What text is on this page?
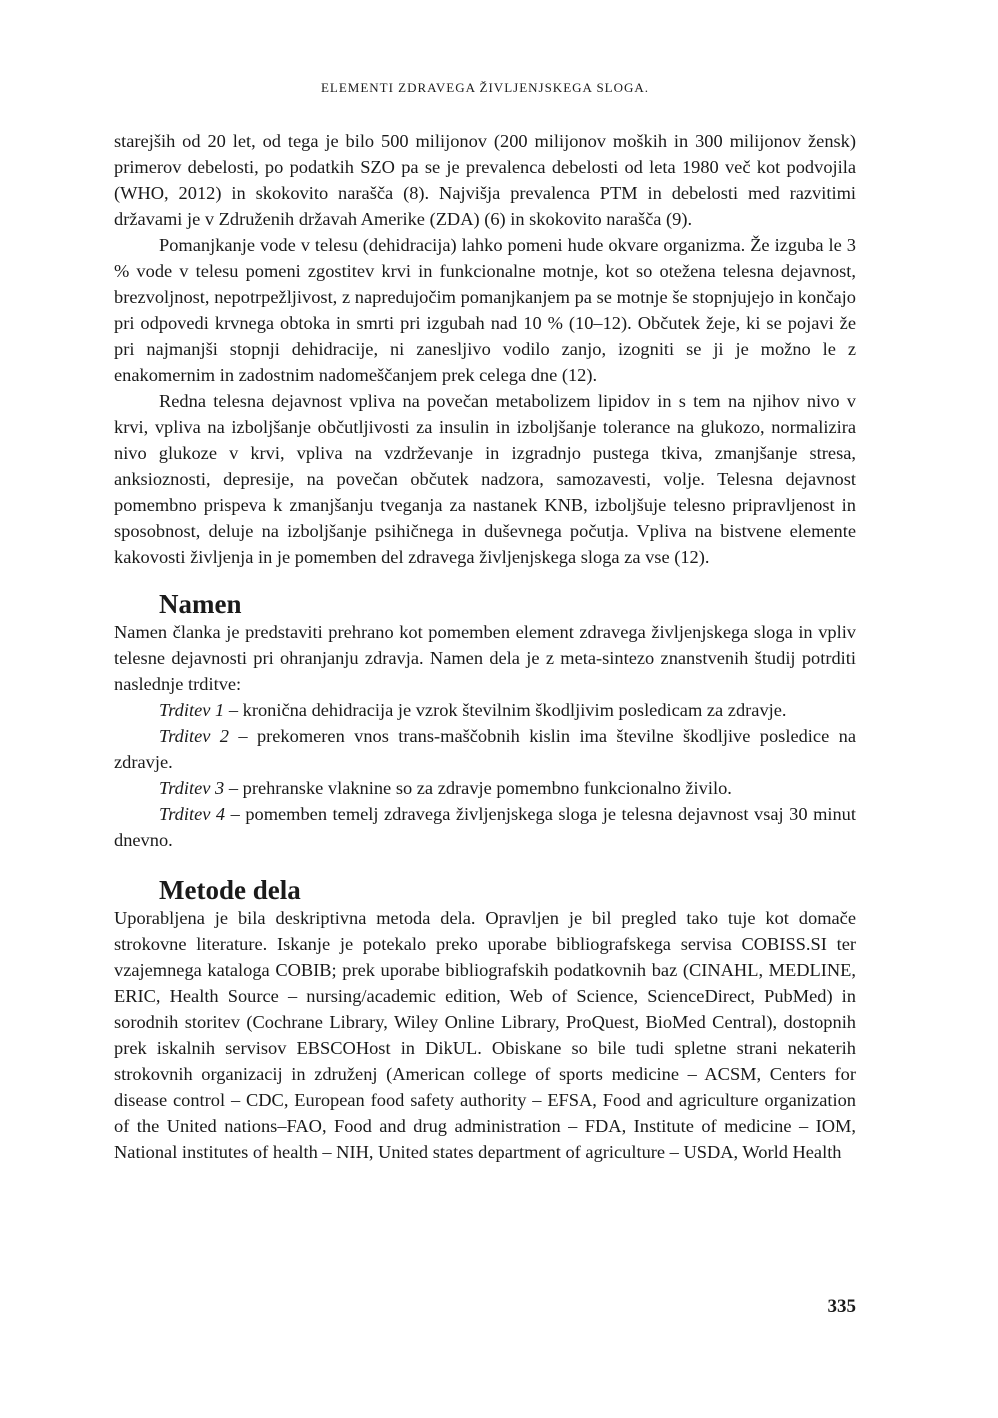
ELEMENTI ZDRAVEGA ŽIVLJENJSKEGA SLOGA.

starejših od 20 let, od tega je bilo 500 milijonov (200 milijonov moških in 300 milijonov žensk) primerov debelosti, po podatkih SZO pa se je prevalenca debelosti od leta 1980 več kot podvojila (WHO, 2012) in skokovito narašča (8). Najvišja prevalenca PTM in debelosti med razvitimi državami je v Združenih državah Amerike (ZDA) (6) in skokovito narašča (9).

Pomanjkanje vode v telesu (dehidracija) lahko pomeni hude okvare organizma. Že izguba le 3 % vode v telesu pomeni zgostitev krvi in funkcionalne motnje, kot so otežena telesna dejavnost, brezvoljnost, nepotrpežljivost, z napredujočim pomanjkanjem pa se motnje še stopnjujejo in končajo pri odpovedi krvnega obtoka in smrti pri izgubah nad 10 % (10–12). Občutek žeje, ki se pojavi že pri najmanjši stopnji dehidracije, ni zanesljivo vodilo zanjo, izogniti se ji je možno le z enakomernim in zadostnim nadomeščanjem prek celega dne (12).

Redna telesna dejavnost vpliva na povečan metabolizem lipidov in s tem na njihov nivo v krvi, vpliva na izboljšanje občutljivosti za insulin in izboljšanje tolerance na glukozo, normalizira nivo glukoze v krvi, vpliva na vzdrževanje in izgradnjo pustega tkiva, zmanjšanje stresa, anksioznosti, depresije, na povečan občutek nadzora, samozavesti, volje. Telesna dejavnost pomembno prispeva k zmanjšanju tveganja za nastanek KNB, izboljšuje telesno pripravljenost in sposobnost, deluje na izboljšanje psihičnega in duševnega počutja. Vpliva na bistvene elemente kakovosti življenja in je pomemben del zdravega življenjskega sloga za vse (12).

Namen

Namen članka je predstaviti prehrano kot pomemben element zdravega življenjskega sloga in vpliv telesne dejavnosti pri ohranjanju zdravja. Namen dela je z meta-sintezo znanstvenih študij potrditi naslednje trditve:

Trditev 1 – kronična dehidracija je vzrok številnim škodljivim posledicam za zdravje.

Trditev 2 – prekomeren vnos trans-maščobnih kislin ima številne škodljive posledice na zdravje.

Trditev 3 – prehranske vlaknine so za zdravje pomembno funkcionalno živilo.

Trditev 4 – pomemben temelj zdravega življenjskega sloga je telesna dejavnost vsaj 30 minut dnevno.

Metode dela

Uporabljena je bila deskriptivna metoda dela. Opravljen je bil pregled tako tuje kot domače strokovne literature. Iskanje je potekalo preko uporabe bibliografskega servisa COBISS.SI ter vzajemnega kataloga COBIB; prek uporabe bibliografskih podatkovnih baz (CINAHL, MEDLINE, ERIC, Health Source – nursing/academic edition, Web of Science, ScienceDirect, PubMed) in sorodnih storitev (Cochrane Library, Wiley Online Library, ProQuest, BioMed Central), dostopnih prek iskalnih servisov EBSCOHost in DikUL. Obiskane so bile tudi spletne strani nekaterih strokovnih organizacij in združenj (American college of sports medicine – ACSM, Centers for disease control – CDC, European food safety authority – EFSA, Food and agriculture organization of the United nations–FAO, Food and drug administration – FDA, Institute of medicine – IOM, National institutes of health – NIH, United states department of agriculture – USDA, World Health

335
